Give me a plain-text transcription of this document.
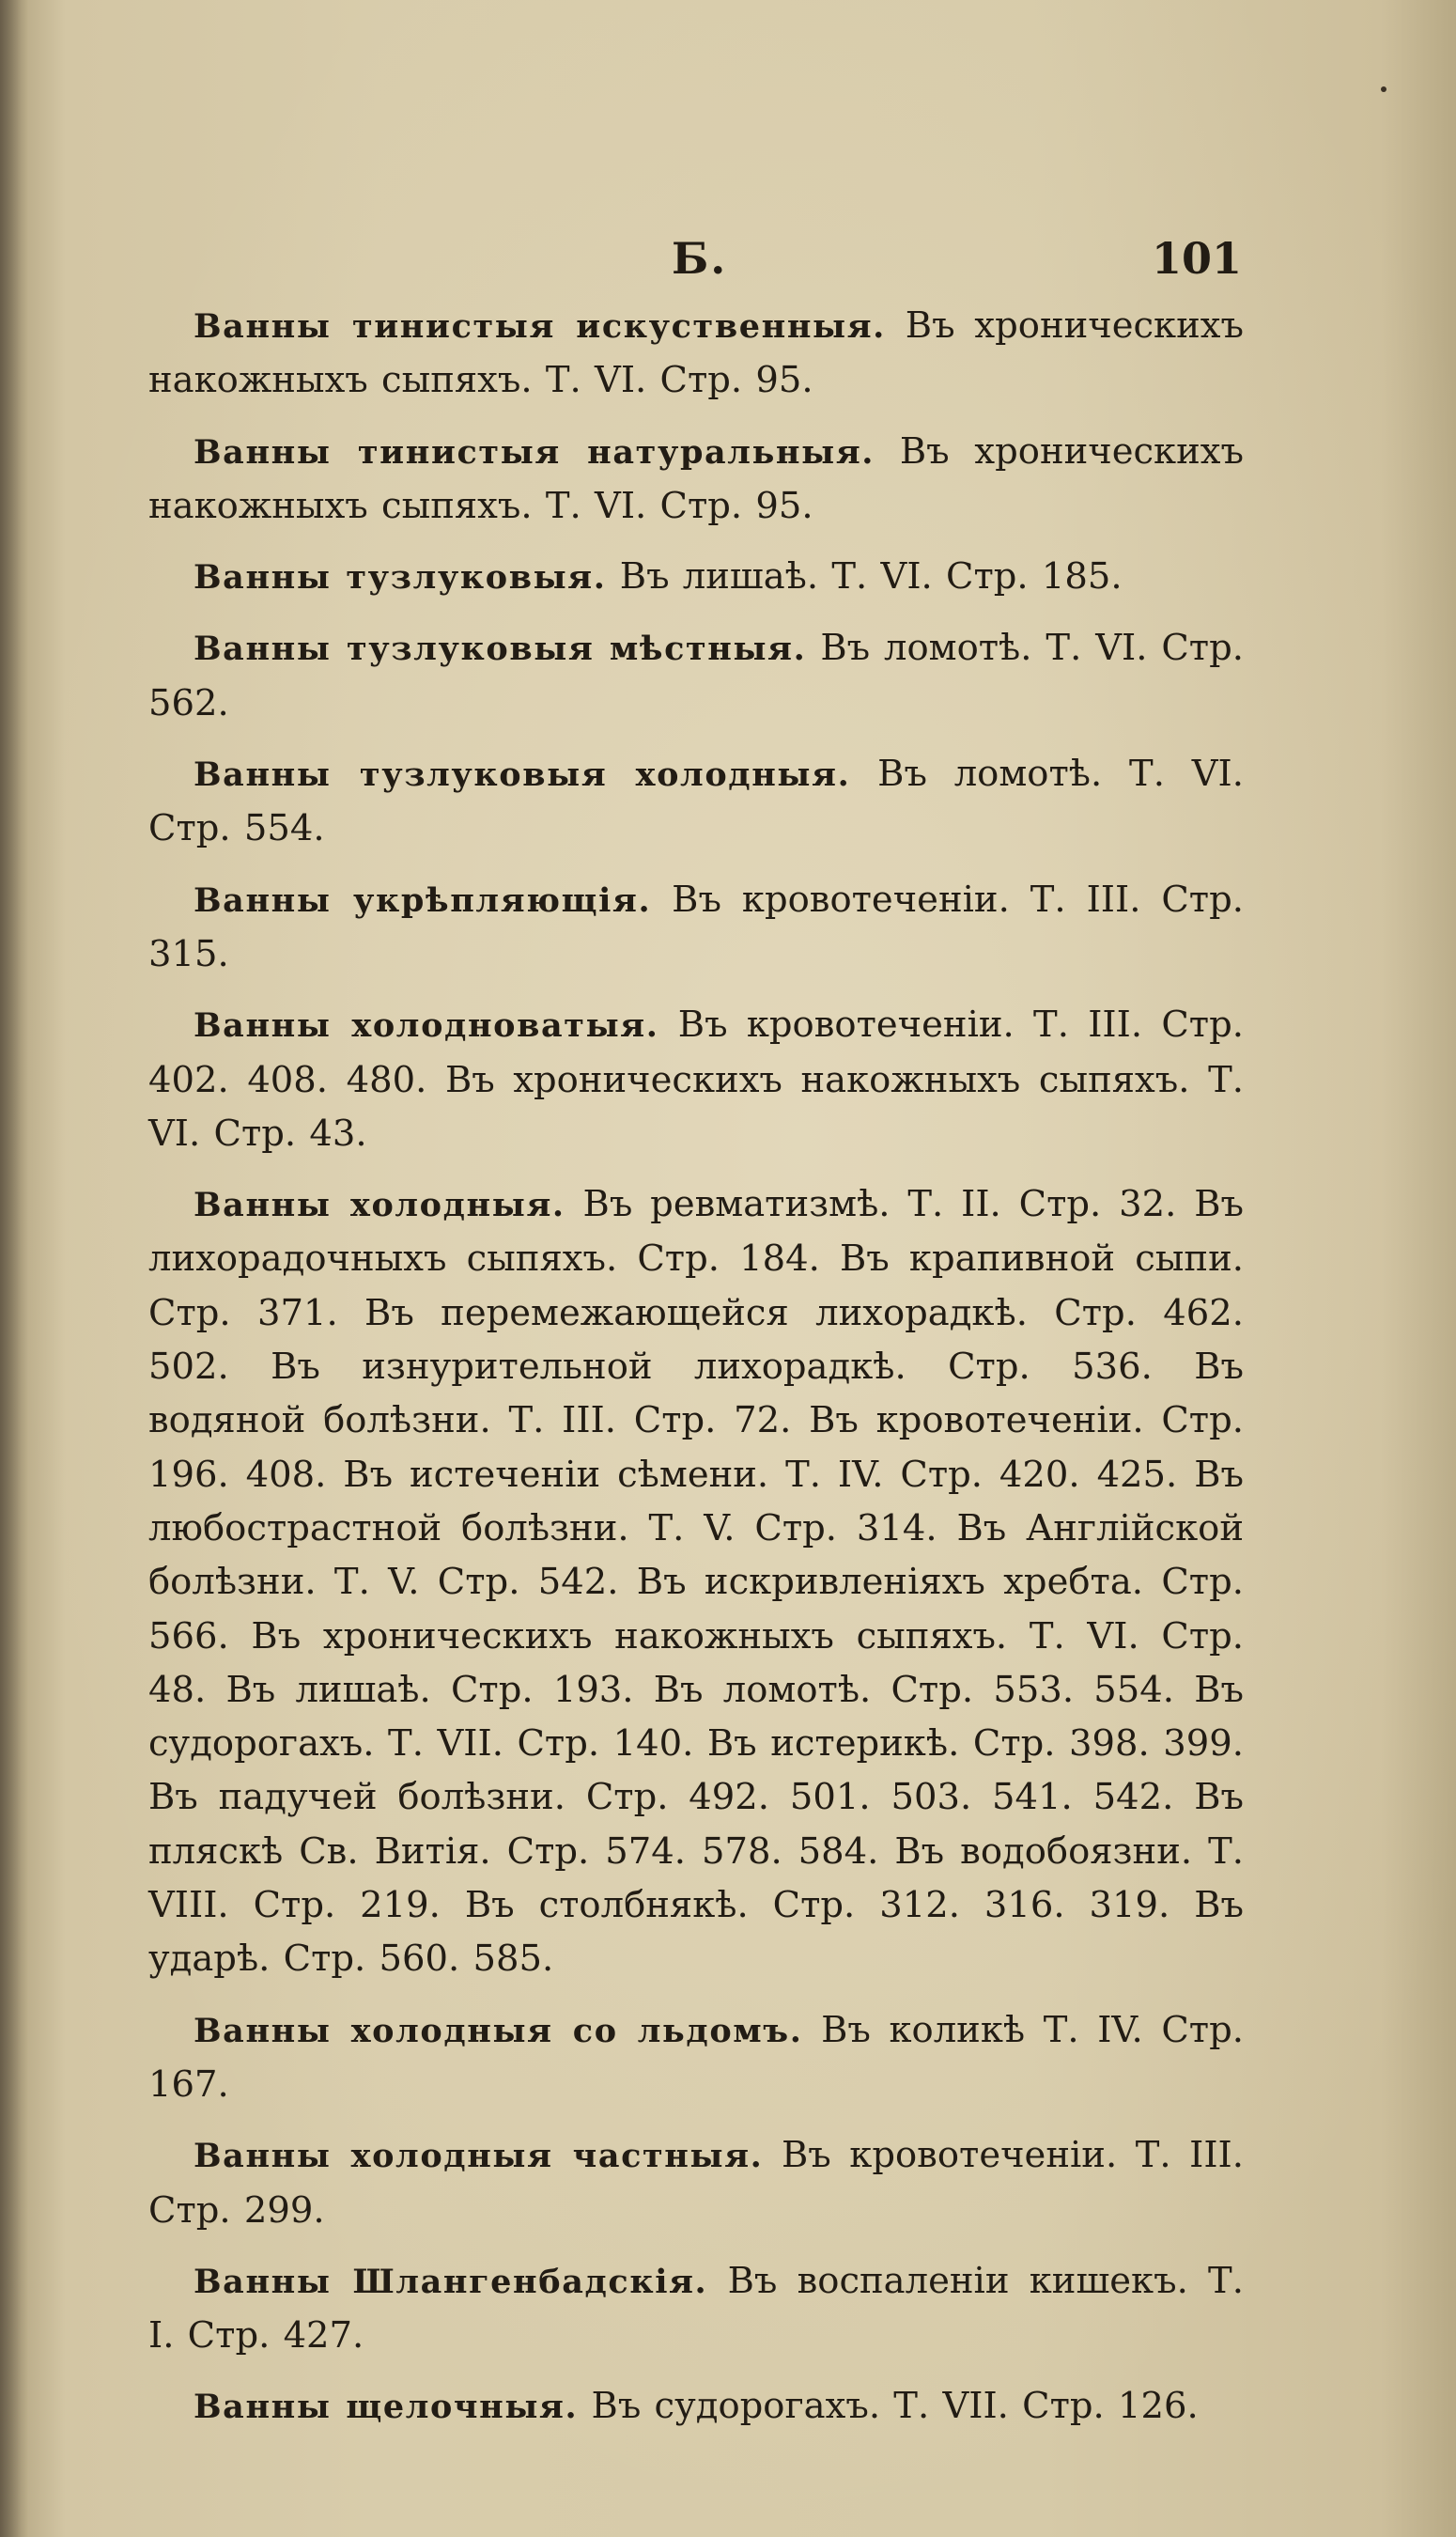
Б.	101

Ванны тинистыя искуственныя. Въ хроническихъ накожныхъ сыпяхъ. Т. VI. Стр. 95.

Ванны тинистыя натуральныя. Въ хроническихъ накожныхъ сыпяхъ. Т. VI. Стр. 95.

Ванны тузлуковыя. Въ лишаѣ. Т. VI. Стр. 185.

Ванны тузлуковыя мѣстныя. Въ ломотѣ. Т. VI. Стр. 562.

Ванны тузлуковыя холодныя. Въ ломотѣ. Т. VI. Стр. 554.

Ванны укрѣпляющія. Въ кровотеченіи. Т. III. Стр. 315.

Ванны холодноватыя. Въ кровотеченіи. Т. III. Стр. 402. 408. 480. Въ хроническихъ накожныхъ сыпяхъ. Т. VI. Стр. 43.

Ванны холодныя. Въ ревматизмѣ. Т. II. Стр. 32. Въ лихорадочныхъ сыпяхъ. Стр. 184. Въ крапивной сыпи. Стр. 371. Въ перемежающейся лихорадкѣ. Стр. 462. 502. Въ изнурительной лихорадкѣ. Стр. 536. Въ водяной болѣзни. Т. III. Стр. 72. Въ кровотеченіи. Стр. 196. 408. Въ истеченіи сѣмени. Т. IV. Стр. 420. 425. Въ любострастной болѣзни. Т. V. Стр. 314. Въ Англійской болѣзни. Т. V. Стр. 542. Въ искривленіяхъ хребта. Стр. 566. Въ хроническихъ накожныхъ сыпяхъ. Т. VI. Стр. 48. Въ лишаѣ. Стр. 193. Въ ломотѣ. Стр. 553. 554. Въ судорогахъ. Т. VII. Стр. 140. Въ истерикѣ. Стр. 398. 399. Въ падучей болѣзни. Стр. 492. 501. 503. 541. 542. Въ пляскѣ Св. Витія. Стр. 574. 578. 584. Въ водобоязни. Т. VIII. Стр. 219. Въ столбнякѣ. Стр. 312. 316. 319. Въ ударѣ. Стр. 560. 585.

Ванны холодныя со льдомъ. Въ коликѣ Т. IV. Стр. 167.

Ванны холодныя частныя. Въ кровотеченіи. Т. III. Стр. 299.

Ванны Шлангенбадскія. Въ воспаленіи кишекъ. Т. I. Стр. 427.

Ванны щелочныя. Въ судорогахъ. Т. VII. Стр. 126.
